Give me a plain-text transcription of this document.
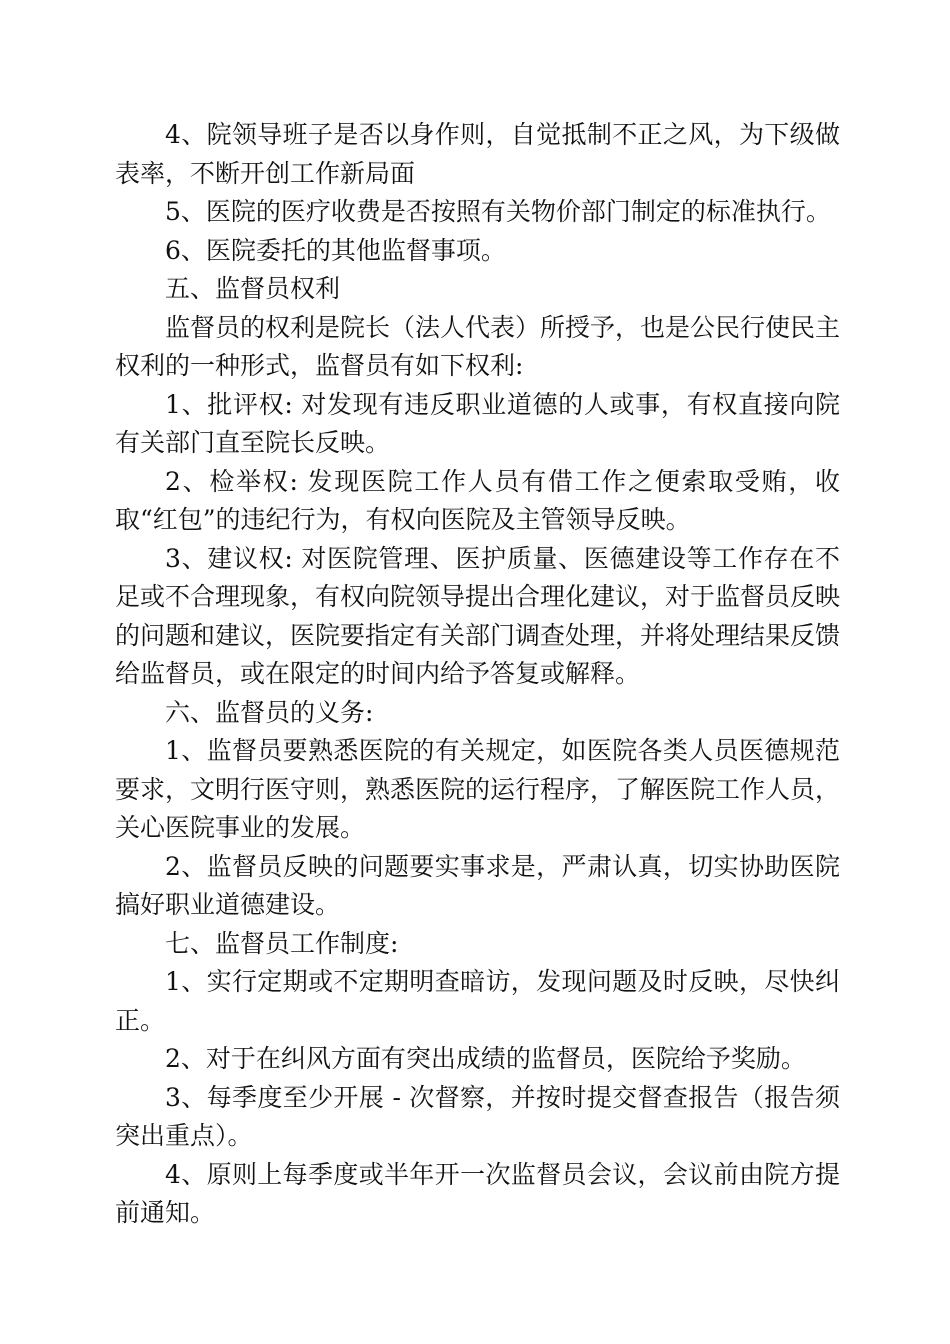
4、院领导班子是否以身作则，自觉抵制不正之风，为下级做表率，不断开创工作新局面

5、医院的医疗收费是否按照有关物价部门制定的标准执行。

6、医院委托的其他监督事项。

五、监督员权利

监督员的权利是院长（法人代表）所授予，也是公民行使民主权利的一种形式，监督员有如下权利:

1、批评权: 对发现有违反职业道德的人或事，有权直接向院有关部门直至院长反映。

2、检举权: 发现医院工作人员有借工作之便索取受贿，收取“红包”的违纪行为，有权向医院及主管领导反映。

3、建议权: 对医院管理、医护质量、医德建设等工作存在不足或不合理现象，有权向院领导提出合理化建议，对于监督员反映的问题和建议，医院要指定有关部门调查处理，并将处理结果反馈给监督员，或在限定的时间内给予答复或解释。

六、监督员的义务:

1、监督员要熟悉医院的有关规定，如医院各类人员医德规范要求，文明行医守则，熟悉医院的运行程序，了解医院工作人员，关心医院事业的发展。

2、监督员反映的问题要实事求是，严肃认真，切实协助医院搞好职业道德建设。

七、监督员工作制度:

1、实行定期或不定期明查暗访，发现问题及时反映，尽快纠正。

2、对于在纠风方面有突出成绩的监督员，医院给予奖励。

3、每季度至少开展 - 次督察，并按时提交督查报告（报告须突出重点）。

4、原则上每季度或半年开一次监督员会议，会议前由院方提前通知。
